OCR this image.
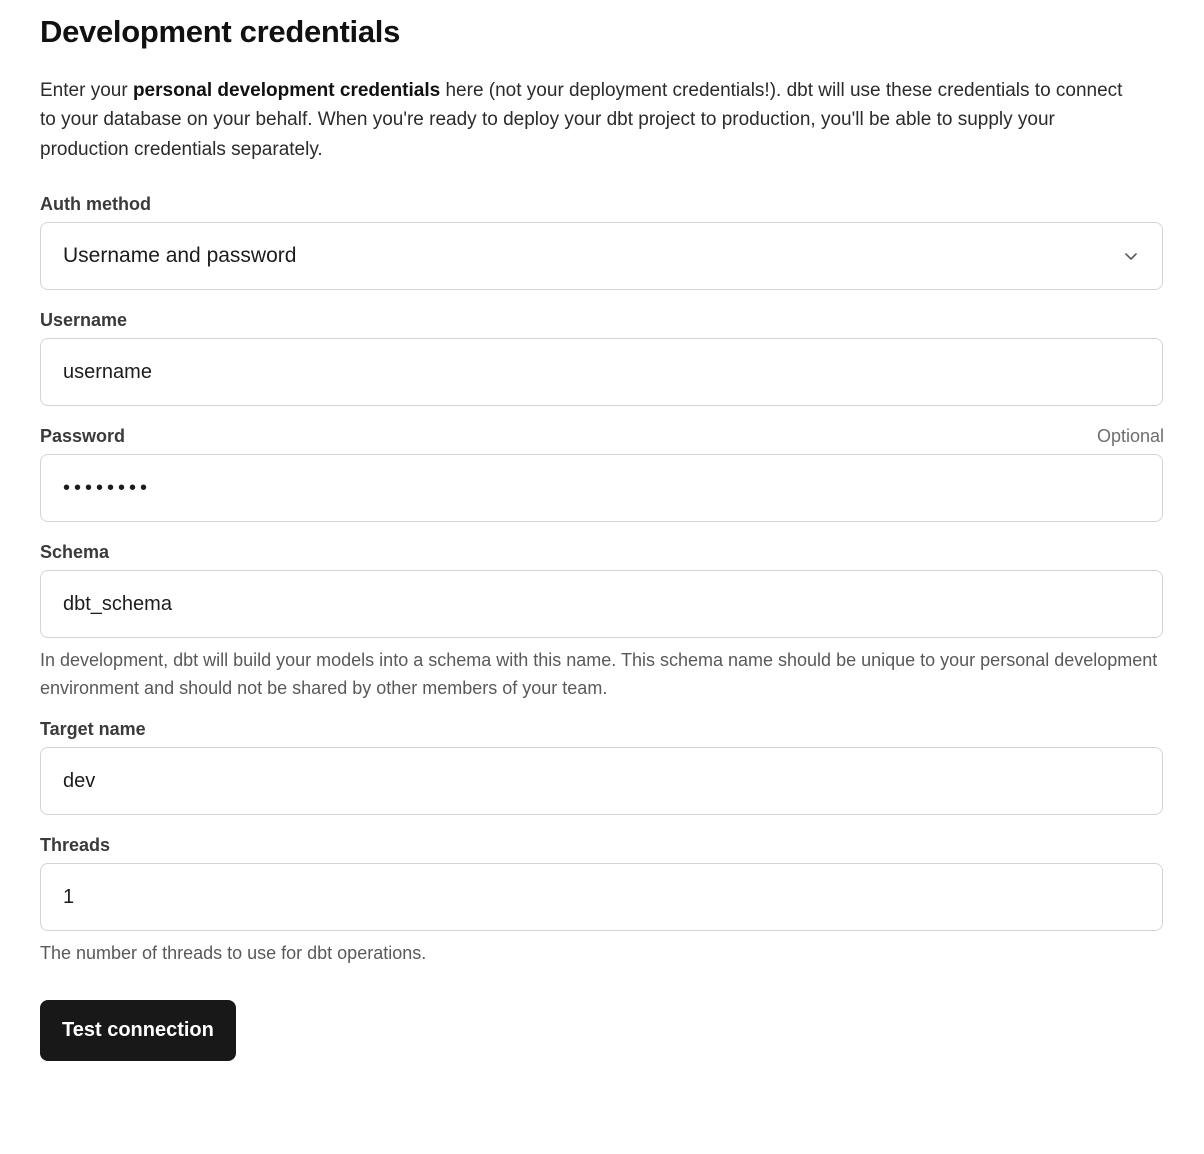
Development credentials

Enter your personal development credentials here (not your deployment credentials!). dbt will use these credentials to connect to your database on your behalf. When you're ready to deploy your dbt project to production, you'll be able to supply your production credentials separately.

Auth method
Username and password
Username
username
Password	Optional
••••••••
Schema
dbt_schema
In development, dbt will build your models into a schema with this name. This schema name should be unique to your personal development environment and should not be shared by other members of your team.
Target name
dev
Threads
1
The number of threads to use for dbt operations.
Test connection
